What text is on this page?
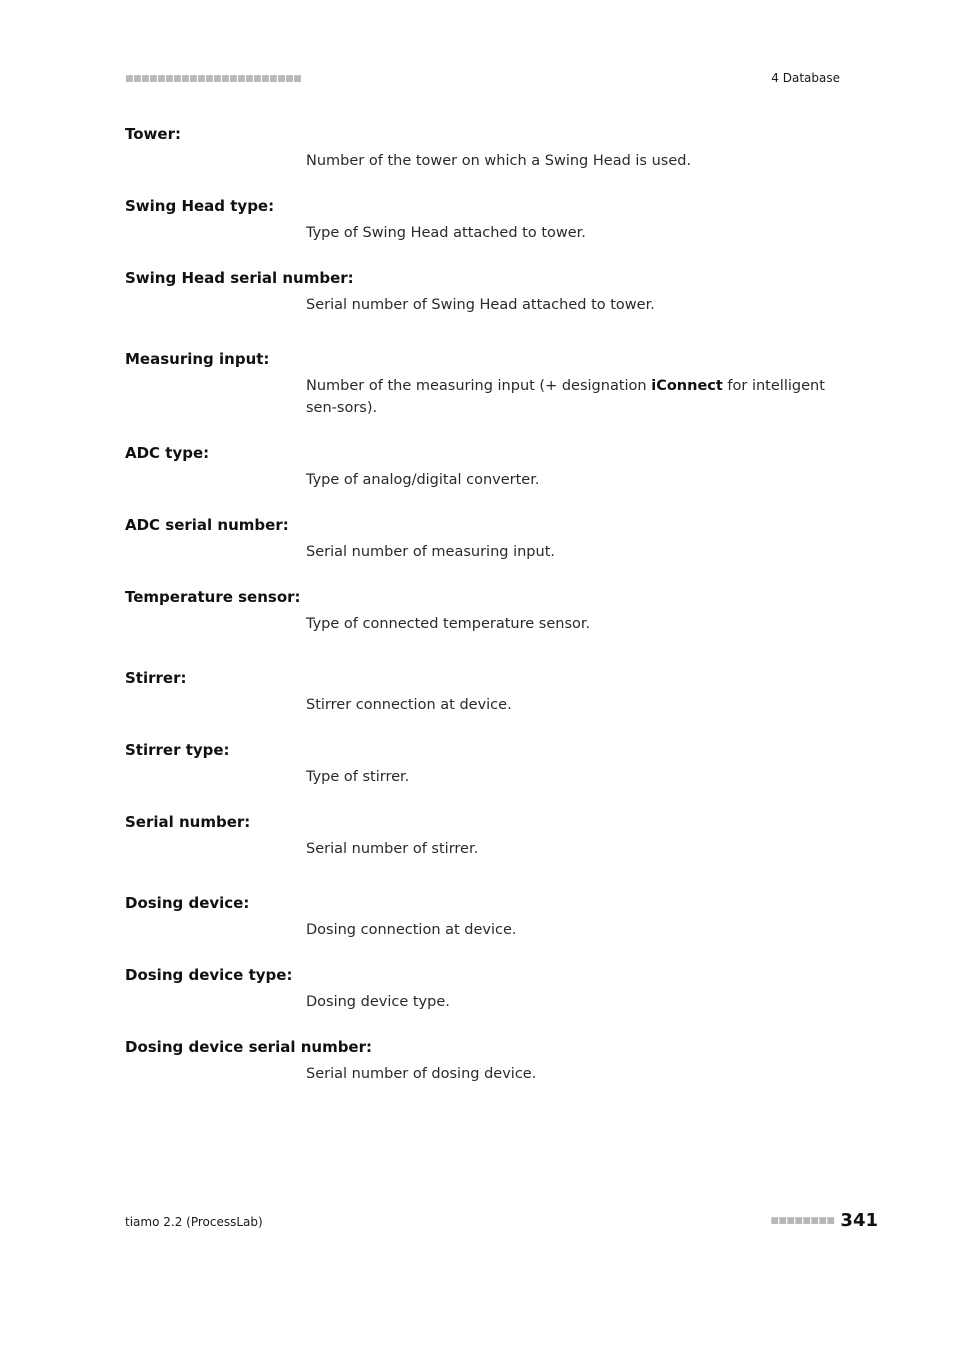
■■■■■■■■■■■■■■■■■■■■■■	4 Database
Tower:
Number of the tower on which a Swing Head is used.
Swing Head type:
Type of Swing Head attached to tower.
Swing Head serial number:
Serial number of Swing Head attached to tower.
Measuring input:
Number of the measuring input (+ designation iConnect for intelligent sen-sors).
ADC type:
Type of analog/digital converter.
ADC serial number:
Serial number of measuring input.
Temperature sensor:
Type of connected temperature sensor.
Stirrer:
Stirrer connection at device.
Stirrer type:
Type of stirrer.
Serial number:
Serial number of stirrer.
Dosing device:
Dosing connection at device.
Dosing device type:
Dosing device type.
Dosing device serial number:
Serial number of dosing device.
tiamo 2.2 (ProcessLab)	■■■■■■■■ 341
